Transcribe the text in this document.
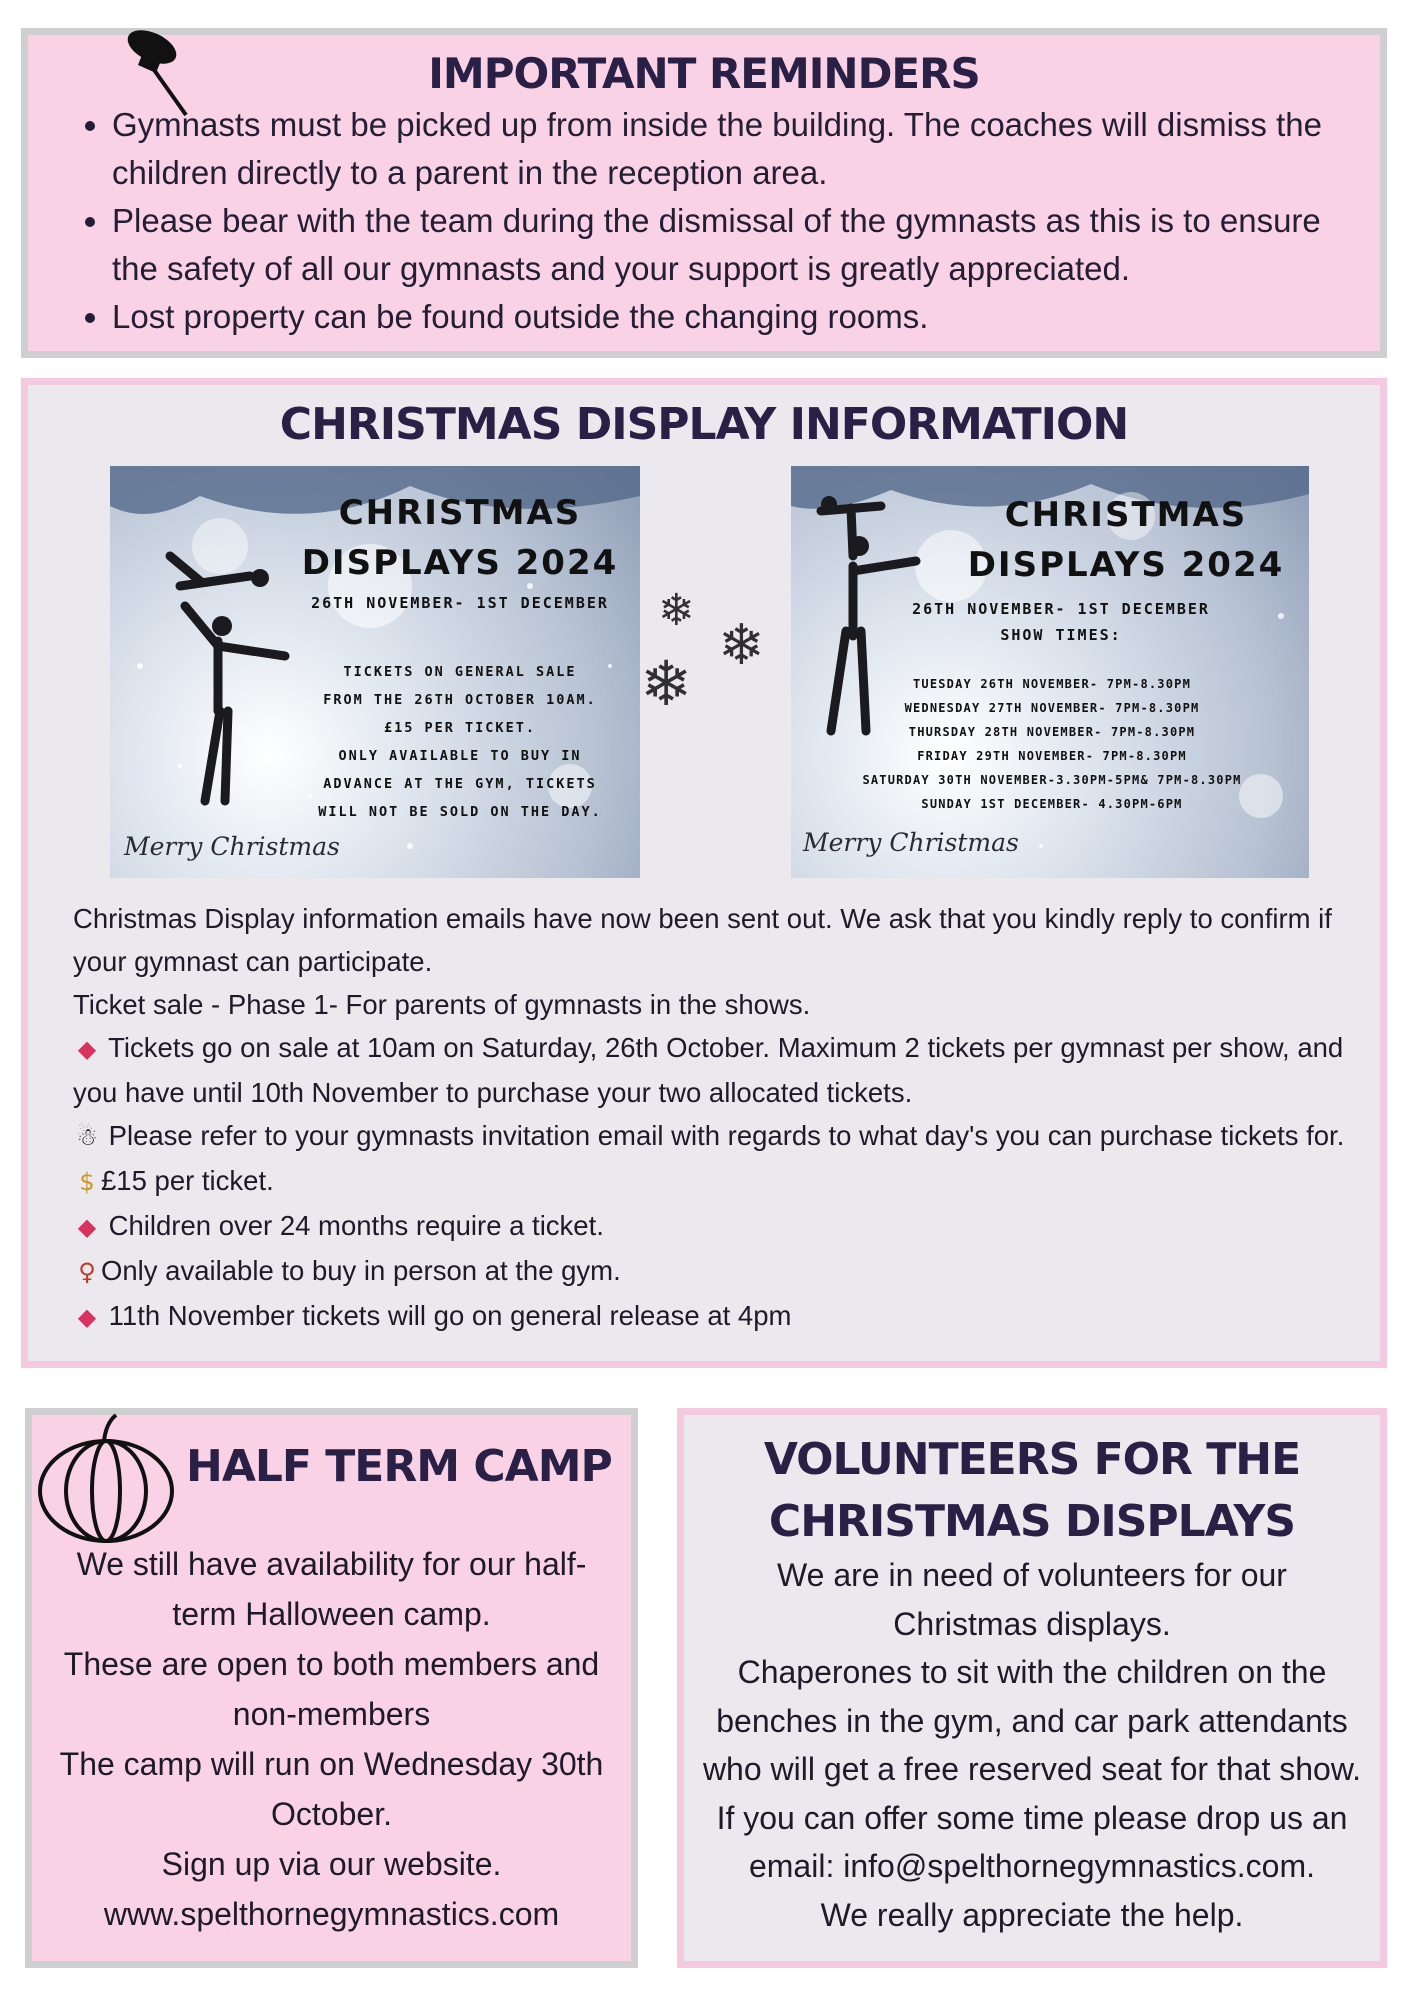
IMPORTANT REMINDERS
• Gymnasts must be picked up from inside the building. The coaches will dismiss the children directly to a parent in the reception area.
• Please bear with the team during the dismissal of the gymnasts as this is to ensure the safety of all our gymnasts and your support is greatly appreciated.
• Lost property can be found outside the changing rooms.
CHRISTMAS DISPLAY INFORMATION
CHRISTMAS
DISPLAYS 2024
26TH NOVEMBER- 1ST DECEMBER
TICKETS ON GENERAL SALE
FROM THE 26TH OCTOBER 10AM.
£15 PER TICKET.
ONLY AVAILABLE TO BUY IN
ADVANCE AT THE GYM, TICKETS
WILL NOT BE SOLD ON THE DAY.
Merry Christmas
❄
❄
❄
CHRISTMAS
DISPLAYS 2024
26TH NOVEMBER- 1ST DECEMBER
SHOW TIMES:
TUESDAY 26TH NOVEMBER- 7PM-8.30PM
WEDNESDAY 27TH NOVEMBER- 7PM-8.30PM
THURSDAY 28TH NOVEMBER- 7PM-8.30PM
FRIDAY 29TH NOVEMBER- 7PM-8.30PM
SATURDAY 30TH NOVEMBER-3.30PM-5PM& 7PM-8.30PM
SUNDAY 1ST DECEMBER- 4.30PM-6PM
Merry Christmas

Christmas Display information emails have now been sent out. We ask that you kindly reply to confirm if your gymnast can participate.

Ticket sale - Phase 1- For parents of gymnasts in the shows.

◆ Tickets go on sale at 10am on Saturday, 26th October. Maximum 2 tickets per gymnast per show, and you have until 10th November to purchase your two allocated tickets.

☃ Please refer to your gymnasts invitation email with regards to what day's you can purchase tickets for.

$ £15 per ticket.

◆ Children over 24 months require a ticket.

♀ Only available to buy in person at the gym.

◆ 11th November tickets will go on general release at 4pm

HALF TERM CAMP
We still have availability for our half-
term Halloween camp.
These are open to both members and
non-members
The camp will run on Wednesday 30th
October.
Sign up via our website.
www.spelthornegymnastics.com
VOLUNTEERS FOR THE
CHRISTMAS DISPLAYS
We are in need of volunteers for our
Christmas displays.
Chaperones to sit with the children on the
benches in the gym, and car park attendants
who will get a free reserved seat for that show.
If you can offer some time please drop us an
email: info@spelthornegymnastics.com.
We really appreciate the help.
